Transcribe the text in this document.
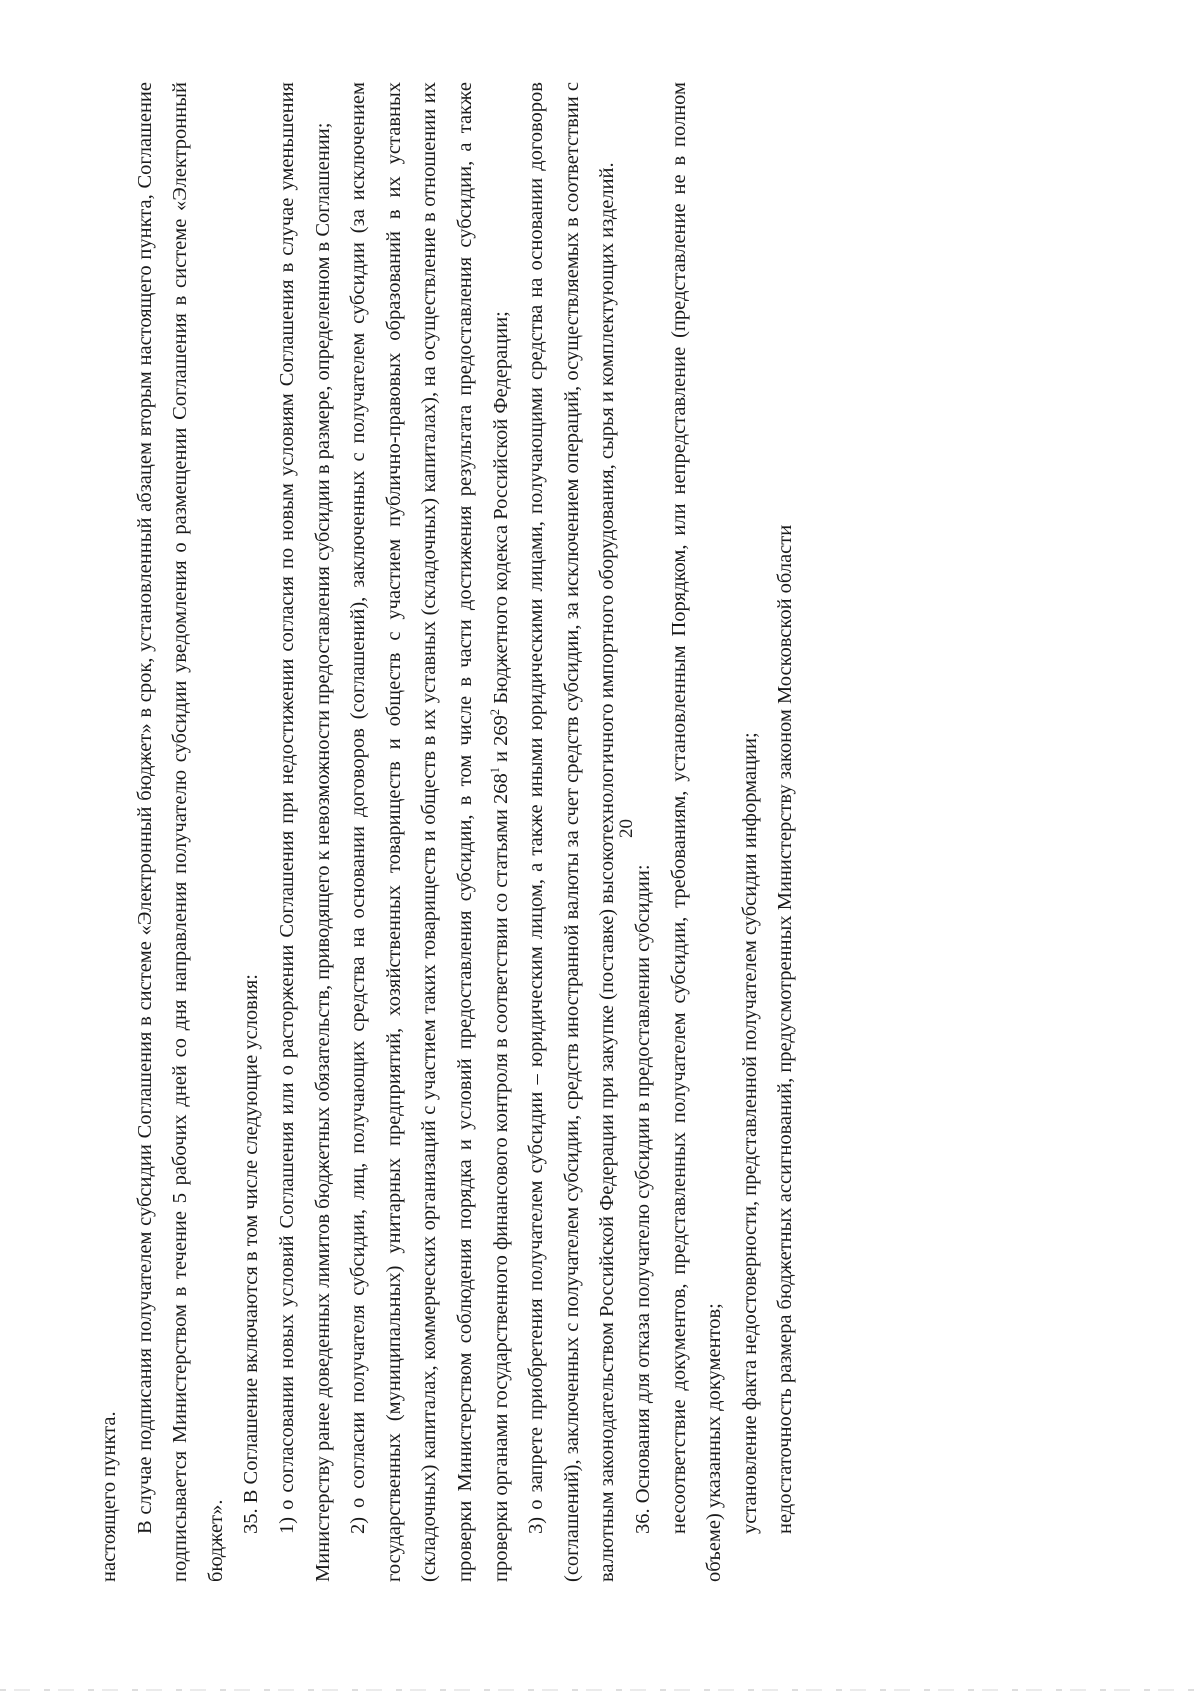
20

настоящего пункта. В случае подписания получателем субсидии Соглашения в системе «Электронный бюджет» в срок, установленный абзацем вторым настоящего пункта, Соглашение подписывается Министерством в течение 5 рабочих дней со дня направления получателю субсидии уведомления о размещении Соглашения в системе «Электронный бюджет».

35. В Соглашение включаются в том числе следующие условия: 1) о согласовании новых условий Соглашения или о расторжении Соглашения при недостижении согласия по новым условиям Соглашения в случае уменьшения Министерству ранее доведенных лимитов бюджетных обязательств, приводящего к невозможности предоставления субсидии в размере, определенном в Соглашении; 2) о согласии получателя субсидии, лиц, получающих средства на основании договоров (соглашений), заключенных с получателем субсидии (за исключением государственных (муниципальных) унитарных предприятий, хозяйственных товариществ и обществ с участием публично-правовых образований в их уставных (складочных) капиталах, коммерческих организаций с участием таких товариществ и обществ в их уставных (складочных) капиталах), на осуществление в отношении их проверки Министерством соблюдения порядка и условий предоставления субсидии, в том числе в части достижения результата предоставления субсидии, а также проверки органами государственного финансового контроля в соответствии со статьями $268^1$ и $269^2$ Бюджетного кодекса Российской Федерации; 3) о запрете приобретения получателем субсидии – юридическим лицом, а также иными юридическими лицами, получающими средства на основании договоров (соглашений), заключенных с получателем субсидии, средств иностранной валюты за счет средств субсидии, за исключением операций, осуществляемых в соответствии с валютным законодательством Российской Федерации при закупке (поставке) высокотехнологичного импортного оборудования, сырья и комплектующих изделий. 36. Основания для отказа получателю субсидии в предоставлении субсидии: несоответствие документов, представленных получателем субсидии, требованиям, установленным Порядком, или непредставление (представление не в полном объеме) указанных документов; установление факта недостоверности, представленной получателем субсидии информации; недостаточность размера бюджетных ассигнований, предусмотренных Министерству законом Московской области
